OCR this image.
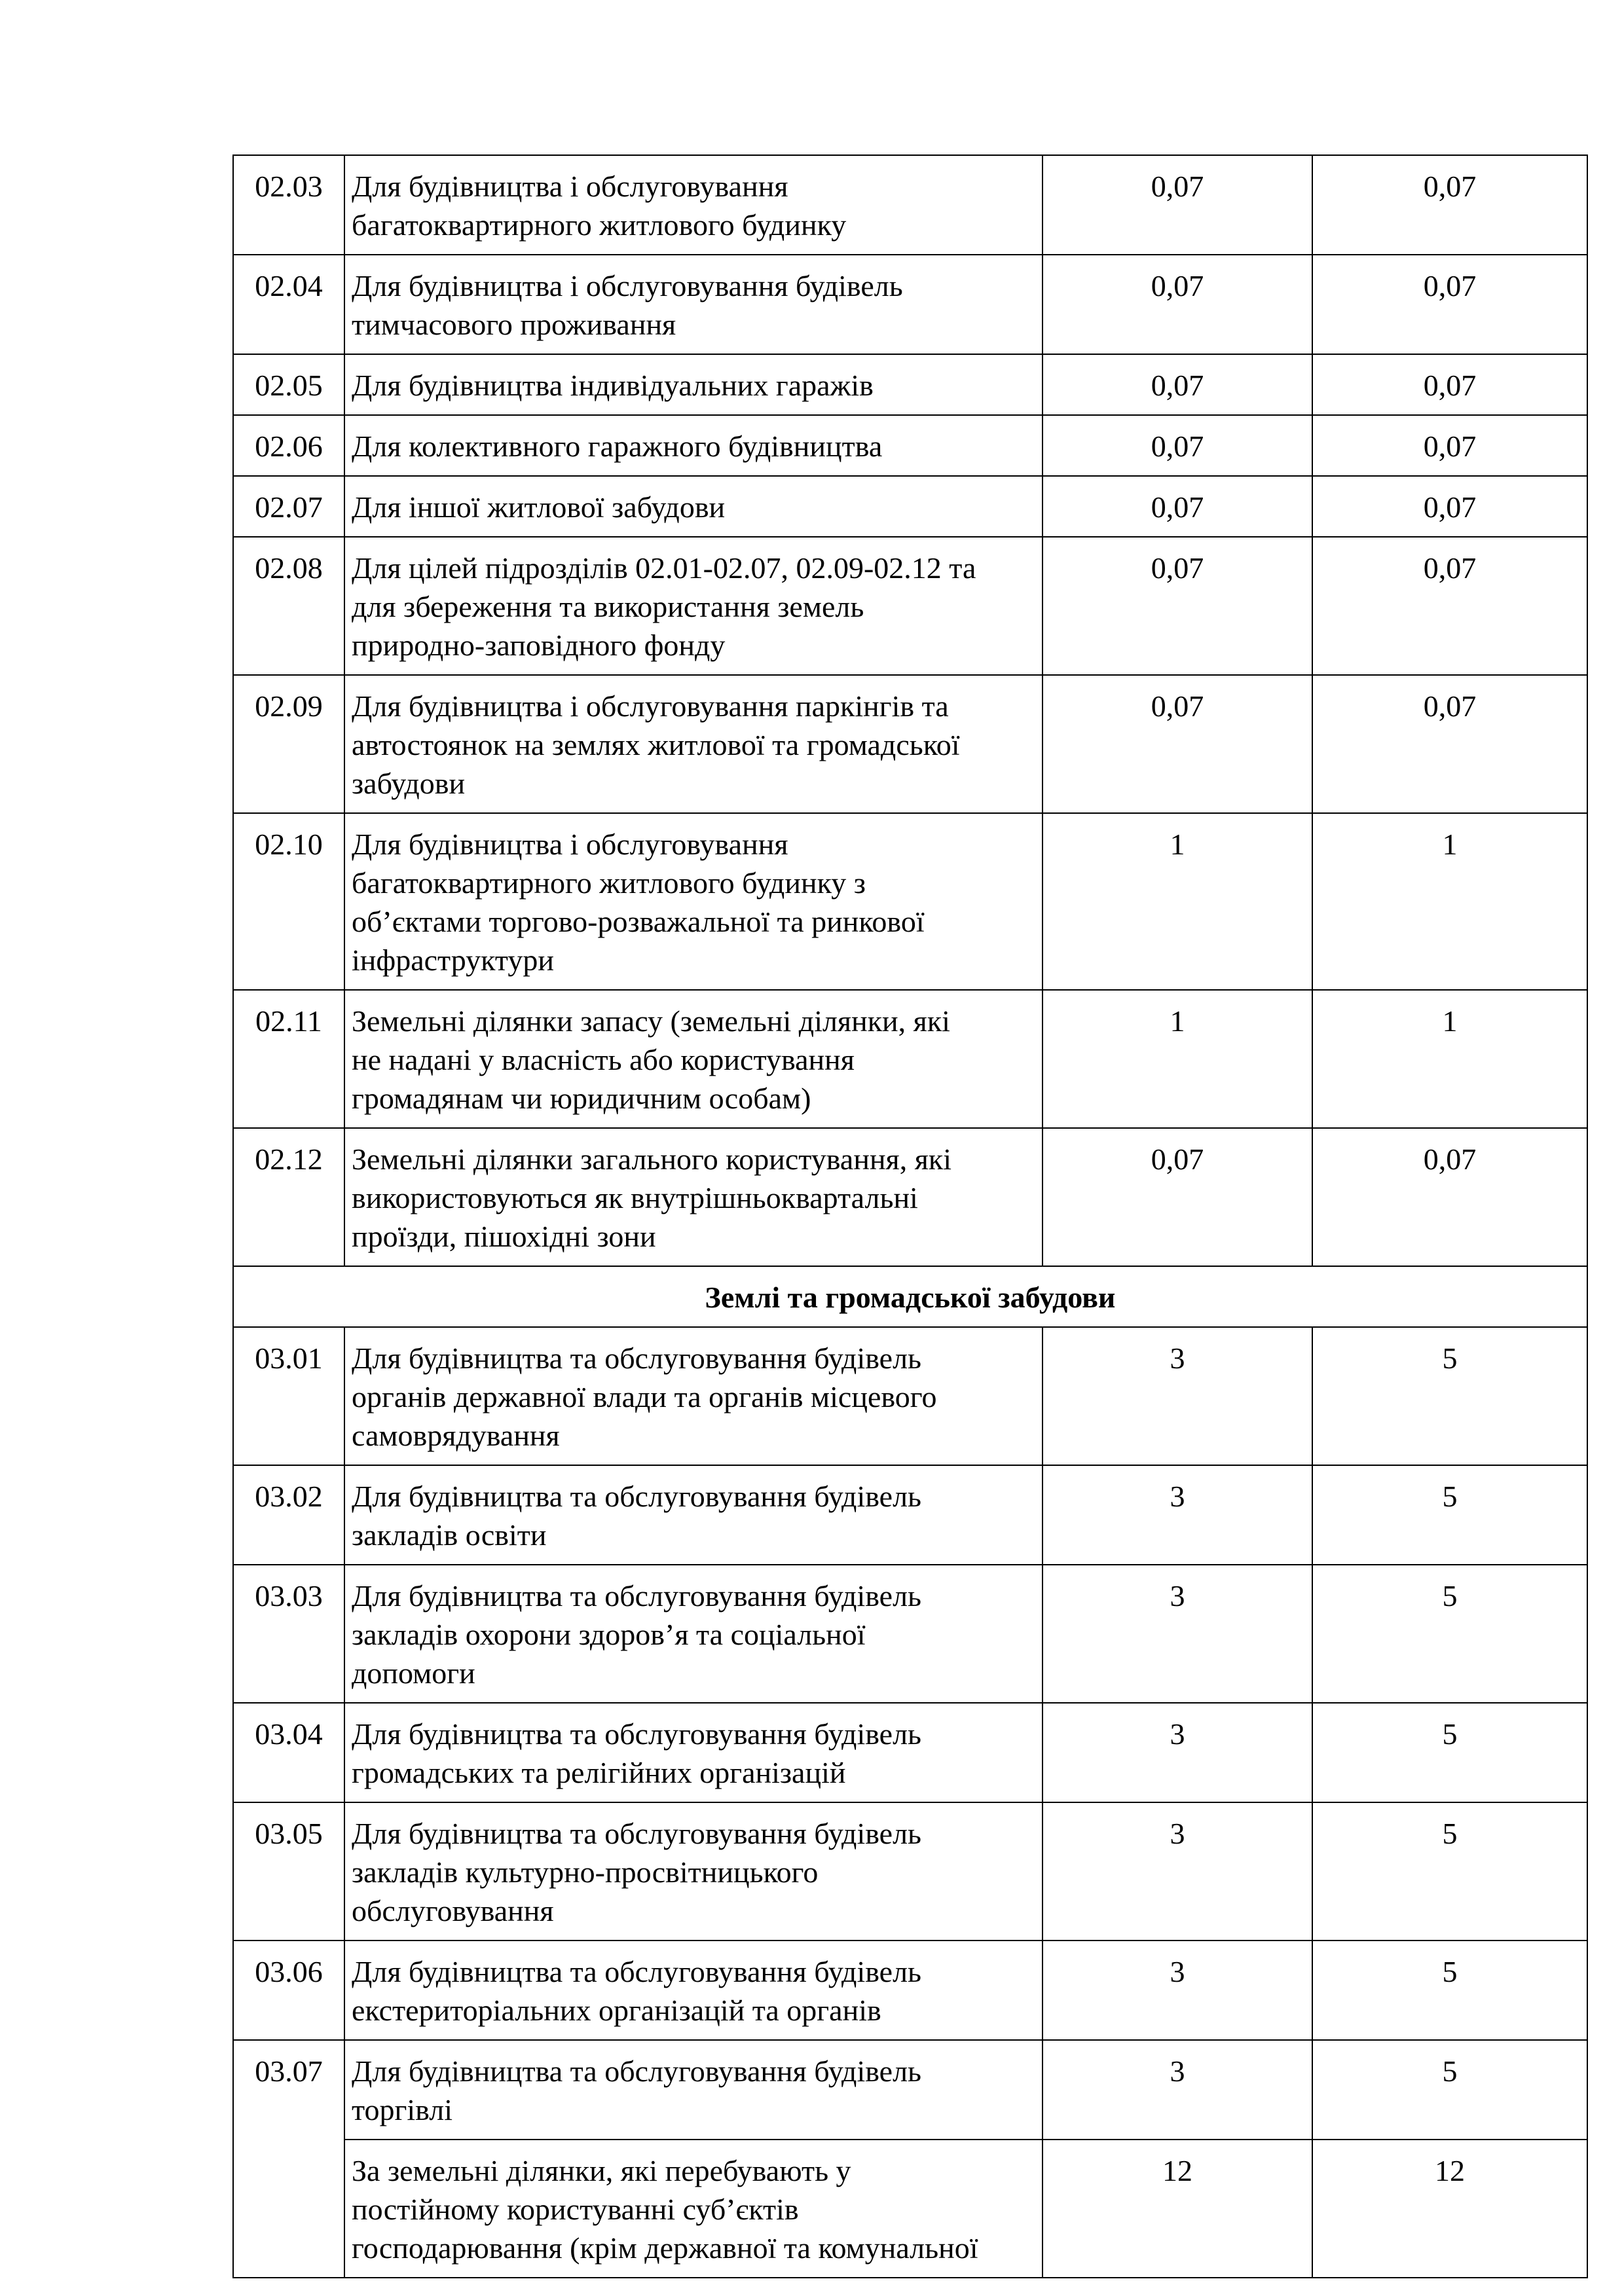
02.03	Для будівництва і обслуговування
багатоквартирного житлового будинку	0,07	0,07
02.04	Для будівництва і обслуговування будівель
тимчасового проживання	0,07	0,07
02.05	Для будівництва індивідуальних гаражів	0,07	0,07
02.06	Для колективного гаражного будівництва	0,07	0,07
02.07	Для іншої житлової забудови	0,07	0,07
02.08	Для цілей підрозділів 02.01-02.07, 02.09-02.12 та
для збереження та використання земель
природно-заповідного фонду	0,07	0,07
02.09	Для будівництва і обслуговування паркінгів та
автостоянок на землях житлової та громадської
забудови	0,07	0,07
02.10	Для будівництва і обслуговування
багатоквартирного житлового будинку з
об’єктами торгово-розважальної та ринкової
інфраструктури	1	1
02.11	Земельні ділянки запасу (земельні ділянки, які
не надані у власність або користування
громадянам чи юридичним особам)	1	1
02.12	Земельні ділянки загального користування, які
використовуються як внутрішньоквартальні
проїзди, пішохідні зони	0,07	0,07
Землі та громадської забудови			
03.01	Для будівництва та обслуговування будівель
органів державної влади та органів місцевого
самоврядування	3	5
03.02	Для будівництва та обслуговування будівель
закладів освіти	3	5
03.03	Для будівництва та обслуговування будівель
закладів охорони здоров’я та соціальної
допомоги	3	5
03.04	Для будівництва та обслуговування будівель
громадських та релігійних організацій	3	5
03.05	Для будівництва та обслуговування будівель
закладів культурно-просвітницького
обслуговування	3	5
03.06	Для будівництва та обслуговування будівель
екстериторіальних організацій та органів	3	5
03.07	Для будівництва та обслуговування будівель
торгівлі	3	5

	За земельні ділянки, які перебувають у
постійному користуванні суб’єктів
господарювання (крім державної та комунальної	12	12
